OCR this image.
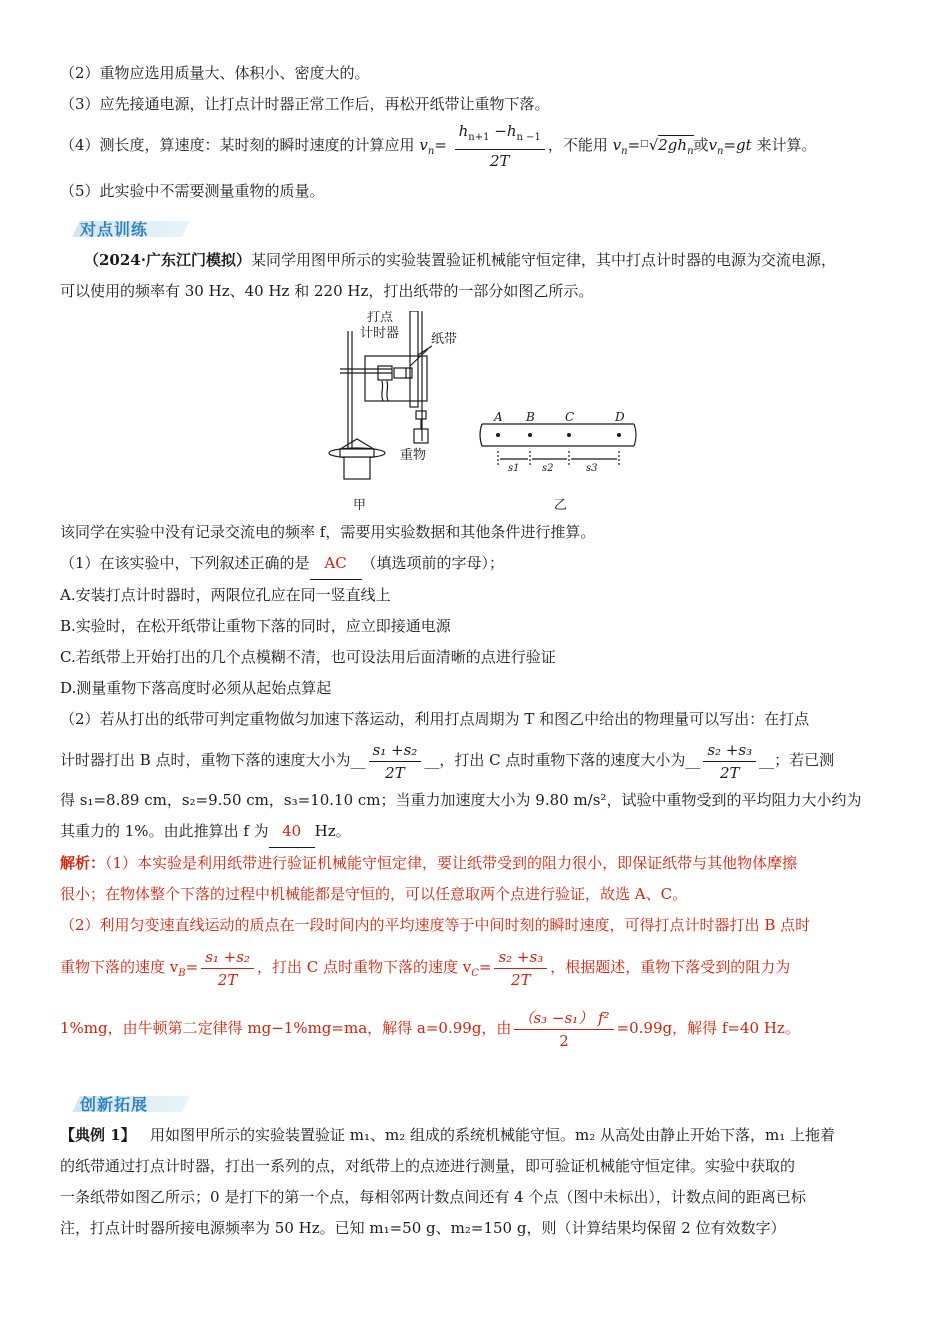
（2）重物应选用质量大、体积小、密度大的。

（3）应先接通电源，让打点计时器正常工作后，再松开纸带让重物下落。

（4）测长度，算速度：某时刻的瞬时速度的计算应用 $v_n= \frac{h_{n+1} -h_{n -1}}{2T}$ ，不能用 $v_n=^□√2gh_n$或$v_n=gt$ 来计算。

（5）此实验中不需要测量重物的质量。

对点训练

（2024·广东江门模拟）某同学用图甲所示的实验装置验证机械能守恒定律，其中打点计时器的电源为交流电源，

可以使用的频率有 30 Hz、40 Hz 和 220 Hz，打出纸带的一部分如图乙所示。

打点
计时器 纸带
重物
甲	乙
A B	C	D
s1 s2	s3

该同学在实验中没有记录交流电的频率 f，需要用实验数据和其他条件进行推算。

（1）在该实验中，下列叙述正确的是 AC （填选项前的字母）；

A.安装打点计时器时，两限位孔应在同一竖直线上

B.实验时，在松开纸带让重物下落的同时，应立即接通电源

C.若纸带上开始打出的几个点模糊不清，也可设法用后面清晰的点进行验证

D.测量重物下落高度时必须从起始点算起

（2）若从打出的纸带可判定重物做匀加速下落运动，利用打点周期为 T 和图乙中给出的物理量可以写出：在打点

计时器打出 B 点时，重物下落的速度大小为__ $\frac{\text{s₁ +s₂}}{2T}$ __，打出 C 点时重物下落的速度大小为__ $\frac{\text{s₂ +s₃}}{2T}$ __；若已测

得 s₁=8.89 cm，s₂=9.50 cm，s₃=10.10 cm；当重力加速度大小为 9.80 m/s²，试验中重物受到的平均阻力大小约为

其重力的 1%。由此推算出 f 为 40 Hz。

解析：（1）本实验是利用纸带进行验证机械能守恒定律，要让纸带受到的阻力很小，即保证纸带与其他物体摩擦

很小；在物体整个下落的过程中机械能都是守恒的，可以任意取两个点进行验证，故选 A、C。

（2）利用匀变速直线运动的质点在一段时间内的平均速度等于中间时刻的瞬时速度，可得打点计时器打出 B 点时

重物下落的速度 $v_B= \frac{\text{s₁ +s₂}}{2T}$ ，打出 C 点时重物下落的速度 $v_C= \frac{\text{s₂ +s₃}}{2T}$ ，根据题述，重物下落受到的阻力为

1%mg，由牛顿第二定律得 mg−1%mg=ma，解得 a=0.99g，由 $\frac{\text{（s₃ −s₁） f²}}{2} =0.99g$，解得 f=40 Hz。

创新拓展

【典例 1】 用如图甲所示的实验装置验证 m₁、m₂ 组成的系统机械能守恒。m₂ 从高处由静止开始下落，m₁ 上拖着

的纸带通过打点计时器，打出一系列的点，对纸带上的点迹进行测量，即可验证机械能守恒定律。实验中获取的

一条纸带如图乙所示；0 是打下的第一个点，每相邻两计数点间还有 4 个点（图中未标出），计数点间的距离已标

注，打点计时器所接电源频率为 50 Hz。已知 m₁=50 g、m₂=150 g，则（计算结果均保留 2 位有效数字）
